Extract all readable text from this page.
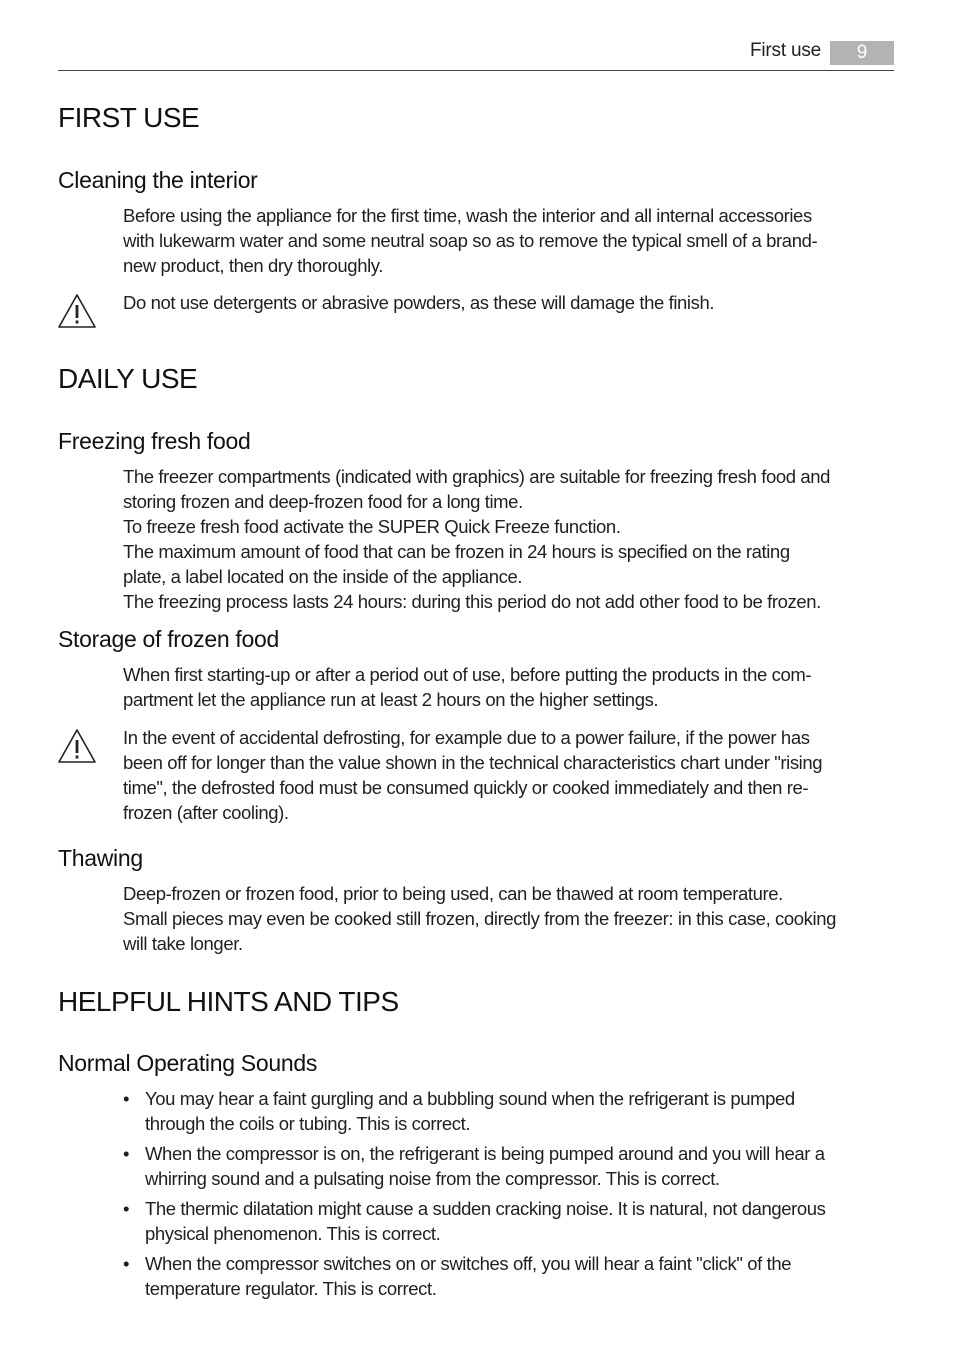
First use	9
FIRST USE
Cleaning the interior
Before using the appliance for the first time, wash the interior and all internal accessories
with lukewarm water and some neutral soap so as to remove the typical smell of a brand-
new product, then dry thoroughly.
Do not use detergents or abrasive powders, as these will damage the finish.
DAILY USE
Freezing fresh food
The freezer compartments (indicated with graphics) are suitable for freezing fresh food and
storing frozen and deep-frozen food for a long time.
To freeze fresh food activate the SUPER Quick Freeze function.
The maximum amount of food that can be frozen in 24 hours is specified on the rating
plate, a label located on the inside of the appliance.
The freezing process lasts 24 hours: during this period do not add other food to be frozen.
Storage of frozen food
When first starting-up or after a period out of use, before putting the products in the com-
partment let the appliance run at least 2 hours on the higher settings.
In the event of accidental defrosting, for example due to a power failure, if the power has
been off for longer than the value shown in the technical characteristics chart under "rising
time", the defrosted food must be consumed quickly or cooked immediately and then re-
frozen (after cooling).
Thawing
Deep-frozen or frozen food, prior to being used, can be thawed at room temperature.
Small pieces may even be cooked still frozen, directly from the freezer: in this case, cooking
will take longer.
HELPFUL HINTS AND TIPS
Normal Operating Sounds
• You may hear a faint gurgling and a bubbling sound when the refrigerant is pumped
through the coils or tubing. This is correct.
• When the compressor is on, the refrigerant is being pumped around and you will hear a
whirring sound and a pulsating noise from the compressor. This is correct.
• The thermic dilatation might cause a sudden cracking noise. It is natural, not dangerous
physical phenomenon. This is correct.
• When the compressor switches on or switches off, you will hear a faint "click" of the
temperature regulator. This is correct.
